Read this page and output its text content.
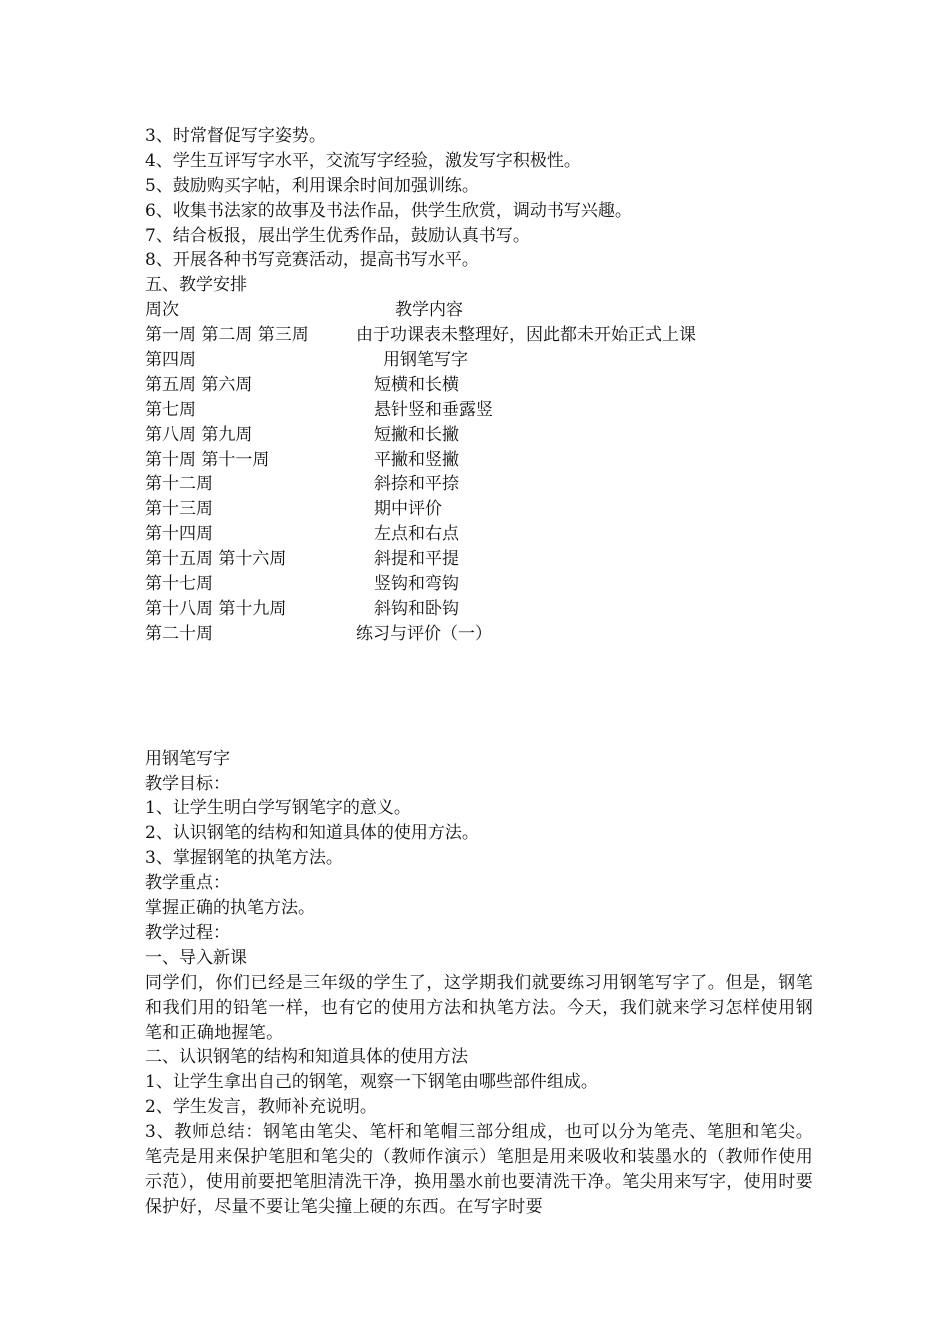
3、时常督促写字姿势。
4、学生互评写字水平，交流写字经验，激发写字积极性。
5、鼓励购买字帖，利用课余时间加强训练。
6、收集书法家的故事及书法作品，供学生欣赏，调动书写兴趣。
7、结合板报，展出学生优秀作品，鼓励认真书写。
8、开展各种书写竞赛活动，提高书写水平。
五、教学安排
周次	教学内容
第一周 第二周 第三周	由于功课表未整理好，因此都未开始正式上课
第四周	用钢笔写字
第五周 第六周	短横和长横
第七周	悬针竖和垂露竖
第八周 第九周	短撇和长撇
第十周 第十一周	平撇和竖撇
第十二周	斜捺和平捺
第十三周	期中评价
第十四周	左点和右点
第十五周 第十六周	斜提和平提
第十七周	竖钩和弯钩
第十八周 第十九周	斜钩和卧钩
第二十周	练习与评价（一）
用钢笔写字
教学目标：
1、让学生明白学写钢笔字的意义。
2、认识钢笔的结构和知道具体的使用方法。
3、掌握钢笔的执笔方法。
教学重点：
掌握正确的执笔方法。
教学过程：
一、导入新课
同学们，你们已经是三年级的学生了，这学期我们就要练习用钢笔写字了。但是，钢笔和我们用的铅笔一样，也有它的使用方法和执笔方法。今天，我们就来学习怎样使用钢笔和正确地握笔。
二、认识钢笔的结构和知道具体的使用方法
1、让学生拿出自己的钢笔，观察一下钢笔由哪些部件组成。
2、学生发言，教师补充说明。
3、教师总结：钢笔由笔尖、笔杆和笔帽三部分组成，也可以分为笔壳、笔胆和笔尖。笔壳是用来保护笔胆和笔尖的（教师作演示）笔胆是用来吸收和装墨水的（教师作使用示范），使用前要把笔胆清洗干净，换用墨水前也要清洗干净。笔尖用来写字，使用时要保护好，尽量不要让笔尖撞上硬的东西。在写字时要
